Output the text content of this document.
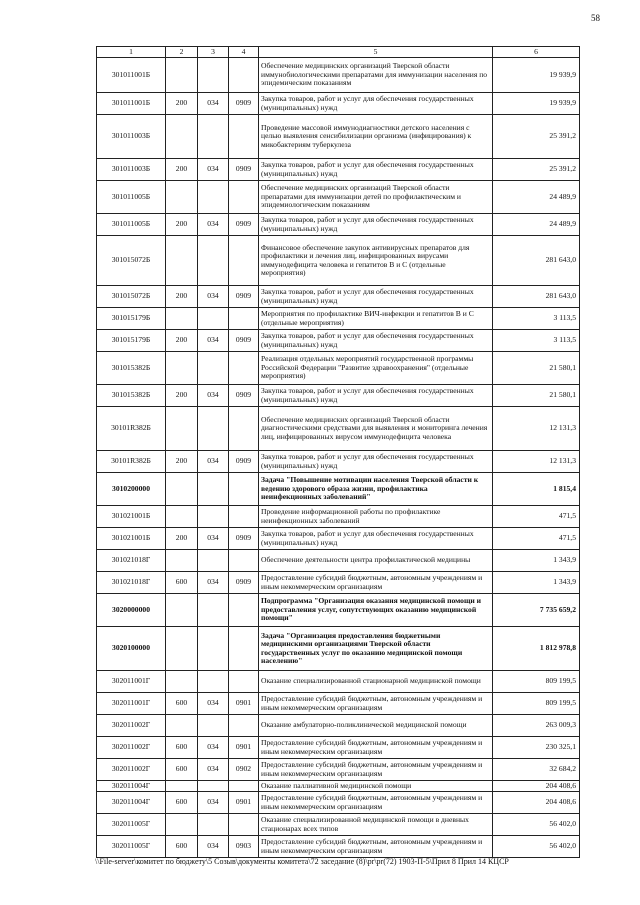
58
1	2	3	4	5	6
301011001Б				Обеспечение медицинских организаций Тверской области иммунобиологическими препаратами для иммунизации населения по эпидемическим показаниям	19 939,9
301011001Б	200	034	0909	Закупка товаров, работ и услуг для обеспечения государственных (муниципальных) нужд	19 939,9
301011003Б				Проведение массовой иммунодиагностики детского населения с целью выявления сенсибилизации организма (инфицирования) к микобактериям туберкулеза	25 391,2
301011003Б	200	034	0909	Закупка товаров, работ и услуг для обеспечения государственных (муниципальных) нужд	25 391,2
301011005Б				Обеспечение медицинских организаций Тверской области препаратами для иммунизации детей по профилактическим и эпидемиологическим показаниям	24 489,9
301011005Б	200	034	0909	Закупка товаров, работ и услуг для обеспечения государственных (муниципальных) нужд	24 489,9
301015072Б				Финансовое обеспечение закупок антивирусных препаратов для профилактики и лечения лиц, инфицированных вирусами иммунодефицита человека и гепатитов В и С (отдельные мероприятия)	281 643,0
301015072Б	200	034	0909	Закупка товаров, работ и услуг для обеспечения государственных (муниципальных) нужд	281 643,0
301015179Б				Мероприятия по профилактике ВИЧ-инфекции и гепатитов В и С (отдельные мероприятия)	3 113,5
301015179Б	200	034	0909	Закупка товаров, работ и услуг для обеспечения государственных (муниципальных) нужд	3 113,5
301015382Б				Реализация отдельных мероприятий государственной программы Российской Федерации "Развитие здравоохранения" (отдельные мероприятия)	21 580,1
301015382Б	200	034	0909	Закупка товаров, работ и услуг для обеспечения государственных (муниципальных) нужд	21 580,1
30101R382Б				Обеспечение медицинских организаций Тверской области диагностическими средствами для выявления и мониторинга лечения лиц, инфицированных вирусом иммунодефицита человека	12 131,3
30101R382Б	200	034	0909	Закупка товаров, работ и услуг для обеспечения государственных (муниципальных) нужд	12 131,3
3010200000				Задача "Повышение мотивации населения Тверской области к ведению здорового образа жизни, профилактика неинфекционных заболеваний"	1 815,4
301021001Б				Проведение информационной работы по профилактике неинфекционных заболеваний	471,5
301021001Б	200	034	0909	Закупка товаров, работ и услуг для обеспечения государственных (муниципальных) нужд	471,5
301021018Г				Обеспечение деятельности центра профилактической медицины	1 343,9
301021018Г	600	034	0909	Предоставление субсидий бюджетным, автономным учреждениям и иным некоммерческим организациям	1 343,9
3020000000				Подпрограмма "Организация оказания медицинской помощи и предоставления услуг, сопутствующих оказанию медицинской помощи"	7 735 659,2
3020100000				Задача "Организация предоставления бюджетными медицинскими организациями Тверской области государственных услуг по оказанию медицинской помощи населению"	1 812 978,8
302011001Г				Оказание специализированной стационарной медицинской помощи	809 199,5
302011001Г	600	034	0901	Предоставление субсидий бюджетным, автономным учреждениям и иным некоммерческим организациям	809 199,5
302011002Г				Оказание амбулаторно-поликлинической медицинской помощи	263 009,3
302011002Г	600	034	0901	Предоставление субсидий бюджетным, автономным учреждениям и иным некоммерческим организациям	230 325,1
302011002Г	600	034	0902	Предоставление субсидий бюджетным, автономным учреждениям и иным некоммерческим организациям	32 684,2
302011004Г				Оказание паллиативной медицинской помощи	204 408,6
302011004Г	600	034	0901	Предоставление субсидий бюджетным, автономным учреждениям и иным некоммерческим организациям	204 408,6
302011005Г				Оказание специализированной медицинской помощи в дневных стационарах всех типов	56 402,0
302011005Г	600	034	0903	Предоставление субсидий бюджетным, автономным учреждениям и иным некоммерческим организациям	56 402,0
\\File-server\комитет по бюджету\5 Созыв\документы комитета\72 заседание (8)\pr\pr(72) 1903-П-5\Прил 8 Прил 14 КЦСР
